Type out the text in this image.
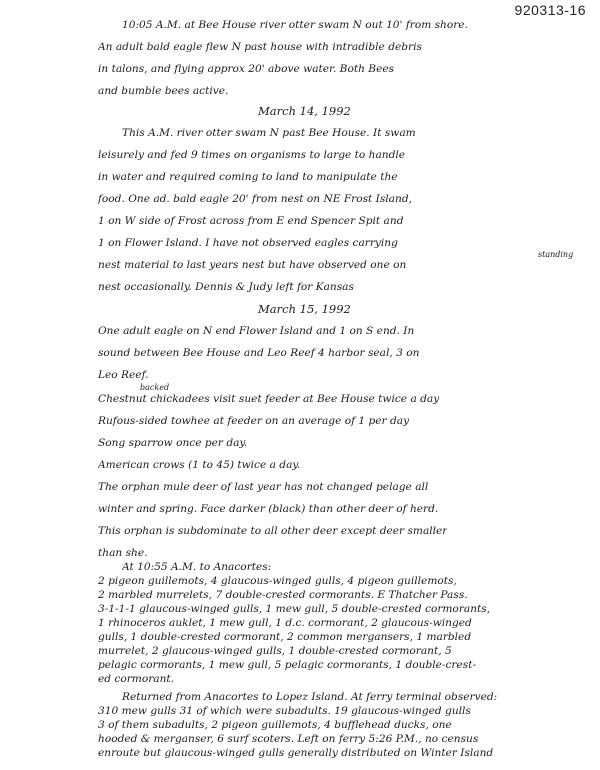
920313-16
10:05 A.M. at Bee House river otter swam N out 10' from shore.
An adult bald eagle flew N past house with intradible debris
in talons, and flying approx 20' above water. Both Bees
and bumble bees active.
March 14, 1992
This A.M. river otter swam N past Bee House. It swam
leisurely and fed 9 times on organisms to large to handle
in water and required coming to land to manipulate the
food. One ad. bald eagle 20' from nest on NE Frost Island,
1 on W side of Frost across from E end Spencer Spit and
1 on Flower Island. I have not observed eagles carrying
standing
nest material to last years nest but have observed one on
nest occasionally. Dennis & Judy left for Kansas
March 15, 1992
One adult eagle on N end Flower Island and 1 on S end. In
sound between Bee House and Leo Reef 4 harbor seal, 3 on
Leo Reef.
backed
Chestnut chickadees visit suet feeder at Bee House twice a day
Rufous-sided towhee at feeder on an average of 1 per day
Song sparrow once per day.
American crows (1 to 45) twice a day.
The orphan mule deer of last year has not changed pelage all
winter and spring. Face darker (black) than other deer of herd.
This orphan is subdominate to all other deer except deer smaller
than she.
At 10:55 A.M. to Anacortes:
2 pigeon guillemots, 4 glaucous-winged gulls, 4 pigeon guillemots,
2 marbled murrelets, 7 double-crested cormorants. E Thatcher Pass.
3-1-1-1 glaucous-winged gulls, 1 mew gull, 5 double-crested cormorants,
1 rhinoceros auklet, 1 mew gull, 1 d.c. cormorant, 2 glaucous-winged
gulls, 1 double-crested cormorant, 2 common mergansers, 1 marbled
murrelet, 2 glaucous-winged gulls, 1 double-crested cormorant, 5
pelagic cormorants, 1 mew gull, 5 pelagic cormorants, 1 double-crest-
ed cormorant.
Returned from Anacortes to Lopez Island. At ferry terminal observed:
310 mew gulls 31 of which were subadults. 19 glaucous-winged gulls
3 of them subadults, 2 pigeon guillemots, 4 bufflehead ducks, one
hooded & merganser, 6 surf scoters. Left on ferry 5:26 P.M., no census
enroute but glaucous-winged gulls generally distributed on Winter Island
